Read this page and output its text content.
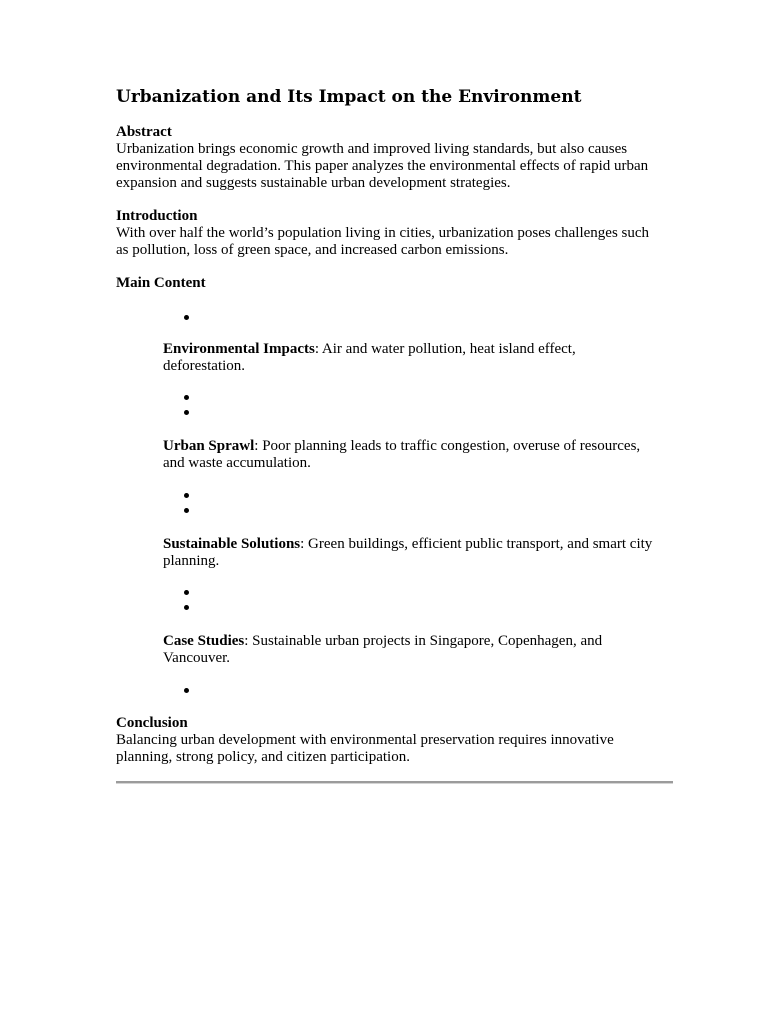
Urbanization and Its Impact on the Environment
Abstract
Urbanization brings economic growth and improved living standards, but also causes environmental degradation. This paper analyzes the environmental effects of rapid urban expansion and suggests sustainable urban development strategies.
Introduction
With over half the world’s population living in cities, urbanization poses challenges such as pollution, loss of green space, and increased carbon emissions.
Main Content
Environmental Impacts: Air and water pollution, heat island effect, deforestation.
Urban Sprawl: Poor planning leads to traffic congestion, overuse of resources, and waste accumulation.
Sustainable Solutions: Green buildings, efficient public transport, and smart city planning.
Case Studies: Sustainable urban projects in Singapore, Copenhagen, and Vancouver.
Conclusion
Balancing urban development with environmental preservation requires innovative planning, strong policy, and citizen participation.
